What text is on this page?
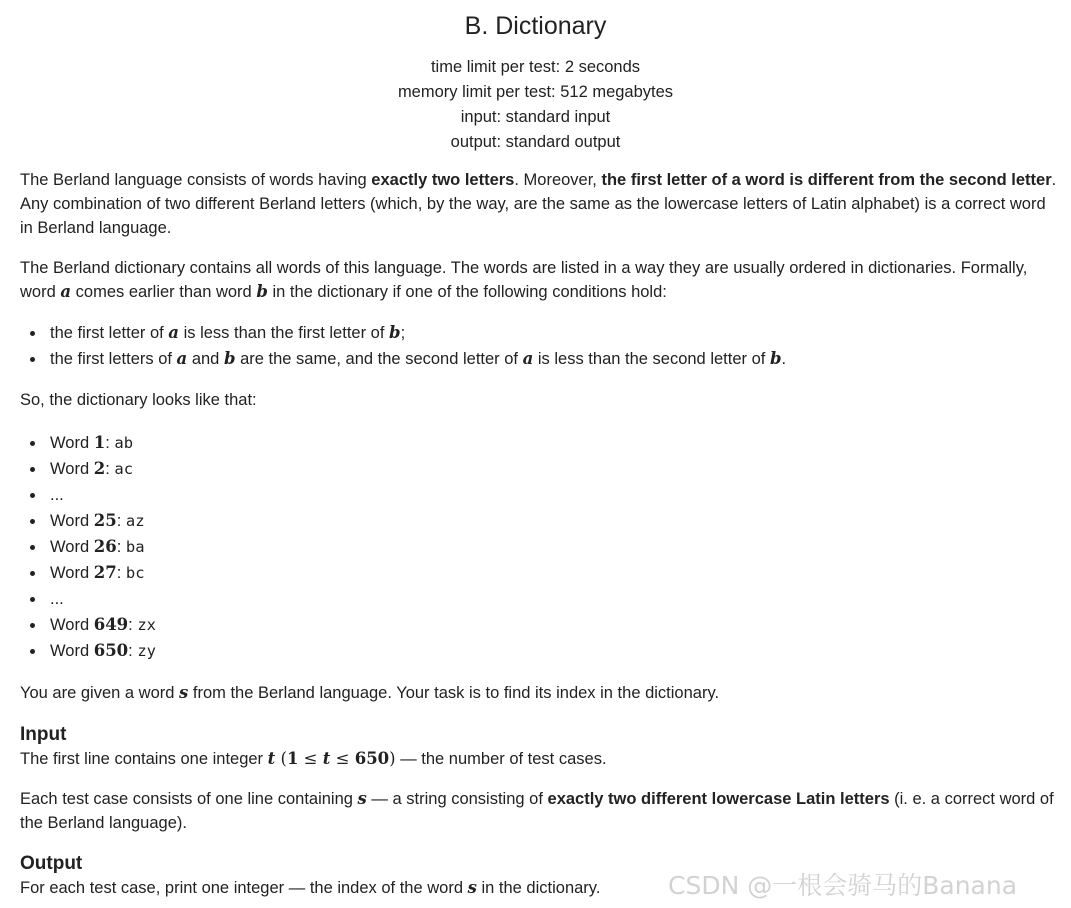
B. Dictionary
time limit per test: 2 seconds
memory limit per test: 512 megabytes
input: standard input
output: standard output

The Berland language consists of words having exactly two letters. Moreover, the first letter of a word is different from the second letter. Any combination of two different Berland letters (which, by the way, are the same as the lowercase letters of Latin alphabet) is a correct word in Berland language.

The Berland dictionary contains all words of this language. The words are listed in a way they are usually ordered in dictionaries. Formally, word a comes earlier than word b in the dictionary if one of the following conditions hold:

the first letter of a is less than the first letter of b;
the first letters of a and b are the same, and the second letter of a is less than the second letter of b.

So, the dictionary looks like that:

Word 1: ab
Word 2: ac
...
Word 25: az
Word 26: ba
Word 27: bc
...
Word 649: zx
Word 650: zy

You are given a word s from the Berland language. Your task is to find its index in the dictionary.

Input

The first line contains one integer t (1 ≤ t ≤ 650) — the number of test cases.

Each test case consists of one line containing s — a string consisting of exactly two different lowercase Latin letters (i. e. a correct word of the Berland language).

Output

For each test case, print one integer — the index of the word s in the dictionary.	CSDN @一根会骑马的Banana
